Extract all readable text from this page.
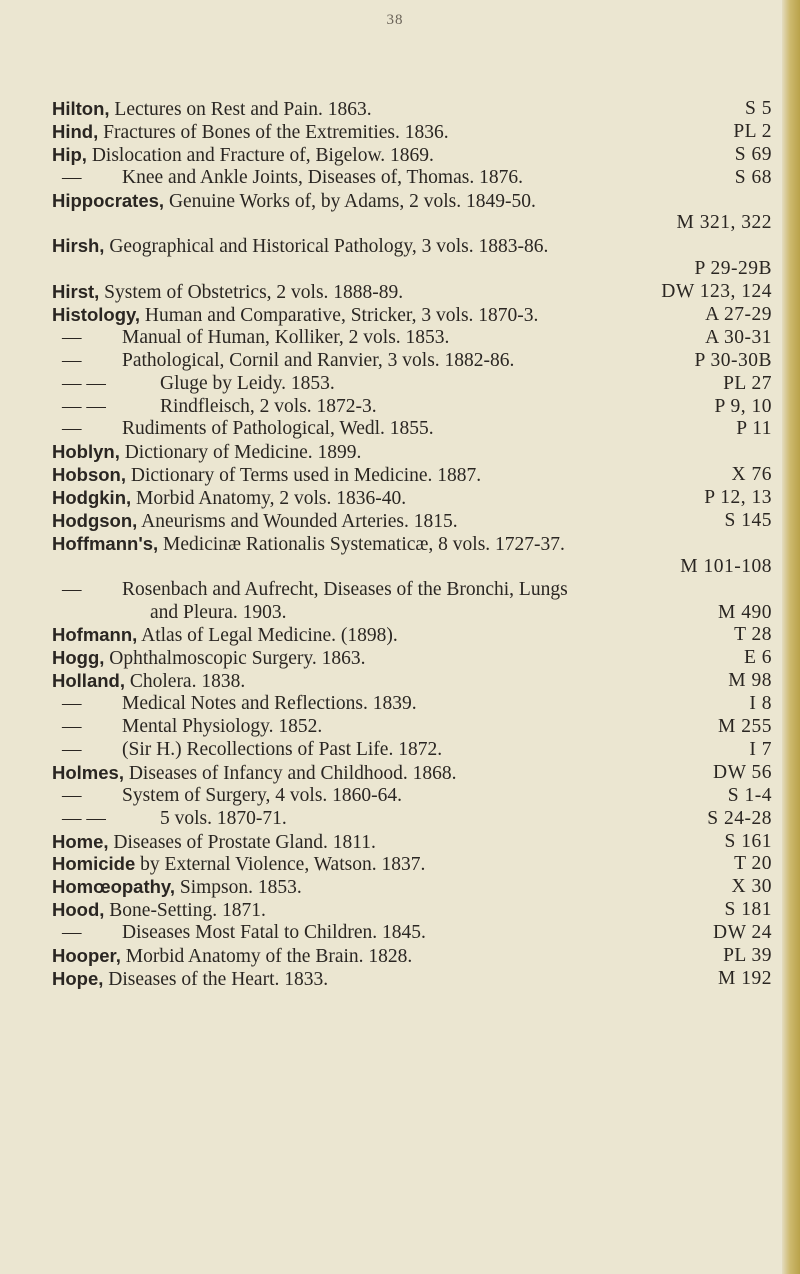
38
Hilton, Lectures on Rest and Pain. 1863.	S 5
Hind, Fractures of Bones of the Extremities. 1836.	PL 2
Hip, Dislocation and Fracture of, Bigelow. 1869.	S 69
— Knee and Ankle Joints, Diseases of, Thomas. 1876.	S 68
Hippocrates, Genuine Works of, by Adams, 2 vols. 1849-50.
M 321, 322
Hirsh, Geographical and Historical Pathology, 3 vols. 1883-86.
P 29-29B
Hirst, System of Obstetrics, 2 vols. 1888-89.	DW 123, 124
Histology, Human and Comparative, Stricker, 3 vols. 1870-3.	A 27-29
— Manual of Human, Kolliker, 2 vols. 1853.	A 30-31
— Pathological, Cornil and Ranvier, 3 vols. 1882-86.	P 30-30B
— —	Gluge by Leidy. 1853.	PL 27
— —	Rindfleisch, 2 vols. 1872-3.	P 9, 10
— Rudiments of Pathological, Wedl. 1855.	P 11
Hoblyn, Dictionary of Medicine. 1899.
Hobson, Dictionary of Terms used in Medicine. 1887.	X 76
Hodgkin, Morbid Anatomy, 2 vols. 1836-40.	P 12, 13
Hodgson, Aneurisms and Wounded Arteries. 1815.	S 145
Hoffmann's, Medicinæ Rationalis Systematicæ, 8 vols. 1727-37.
M 101-108
— Rosenbach and Aufrecht, Diseases of the Bronchi, Lungs
and Pleura. 1903.	M 490
Hofmann, Atlas of Legal Medicine. (1898).	T 28
Hogg, Ophthalmoscopic Surgery. 1863.	E 6
Holland, Cholera. 1838.	M 98
— Medical Notes and Reflections. 1839.	I 8
— Mental Physiology. 1852.	M 255
— (Sir H.) Recollections of Past Life. 1872.	I 7
Holmes, Diseases of Infancy and Childhood. 1868.	DW 56
— System of Surgery, 4 vols. 1860-64.	S 1-4
— —	5 vols. 1870-71.	S 24-28
Home, Diseases of Prostate Gland. 1811.	S 161
Homicide by External Violence, Watson. 1837.	T 20
Homœopathy, Simpson. 1853.	X 30
Hood, Bone-Setting. 1871.	S 181
— Diseases Most Fatal to Children. 1845.	DW 24
Hooper, Morbid Anatomy of the Brain. 1828.	PL 39
Hope, Diseases of the Heart. 1833.	M 192
